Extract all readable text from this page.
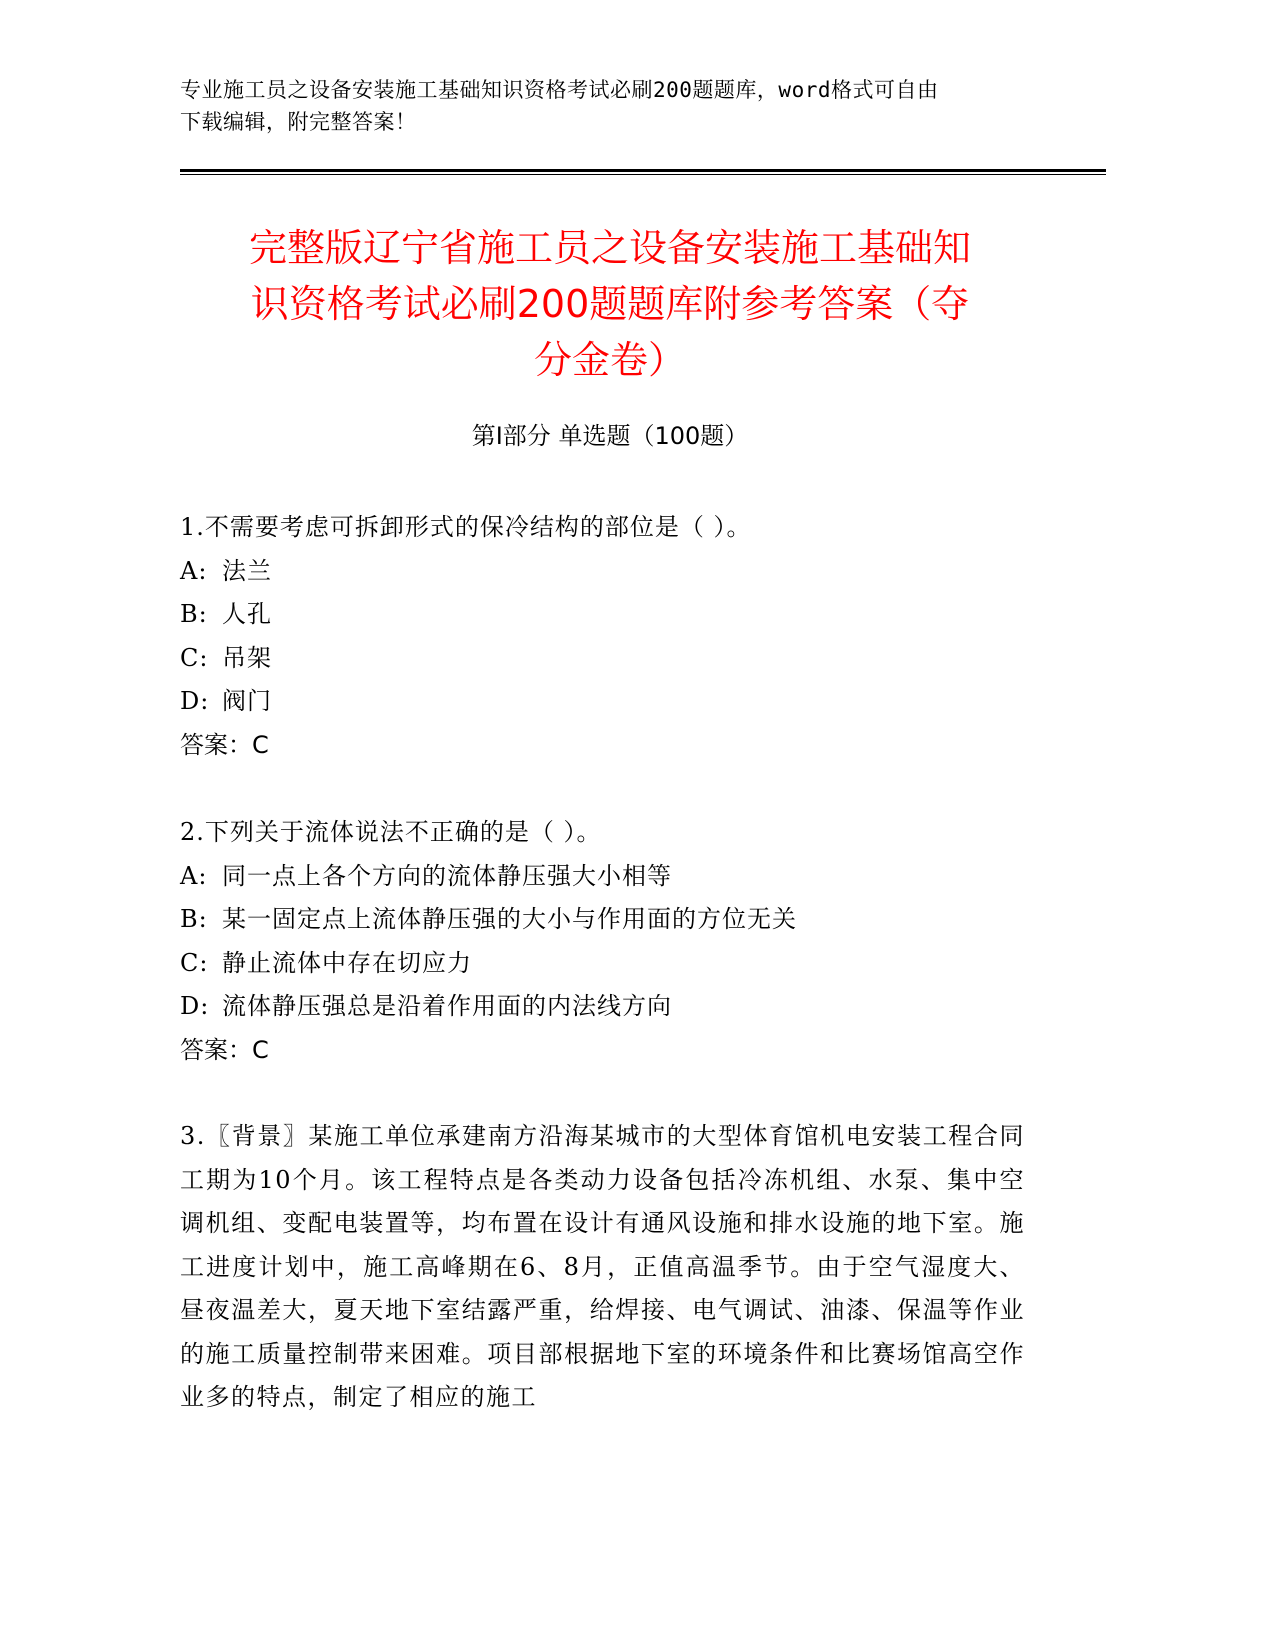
专业施工员之设备安装施工基础知识资格考试必刷200题题库，word格式可自由
下载编辑，附完整答案！
完整版辽宁省施工员之设备安装施工基础知
识资格考试必刷200题题库附参考答案（夺
分金卷）
第Ⅰ部分 单选题（100题）

1.不需要考虑可拆卸形式的保冷结构的部位是（ ）。

A: 法兰

B: 人孔

C: 吊架

D: 阀门

答案：C

2.下列关于流体说法不正确的是（ ）。

A: 同一点上各个方向的流体静压强大小相等

B: 某一固定点上流体静压强的大小与作用面的方位无关

C: 静止流体中存在切应力

D: 流体静压强总是沿着作用面的内法线方向

答案：C

3.〖背景〗某施工单位承建南方沿海某城市的大型体育馆机电安装工程合同工期为10个月。该工程特点是各类动力设备包括冷冻机组、水泵、集中空调机组、变配电装置等，均布置在设计有通风设施和排水设施的地下室。施工进度计划中，施工高峰期在6、8月，正值高温季节。由于空气湿度大、昼夜温差大，夏天地下室结露严重，给焊接、电气调试、油漆、保温等作业的施工质量控制带来困难。项目部根据地下室的环境条件和比赛场馆高空作业多的特点，制定了相应的施工
